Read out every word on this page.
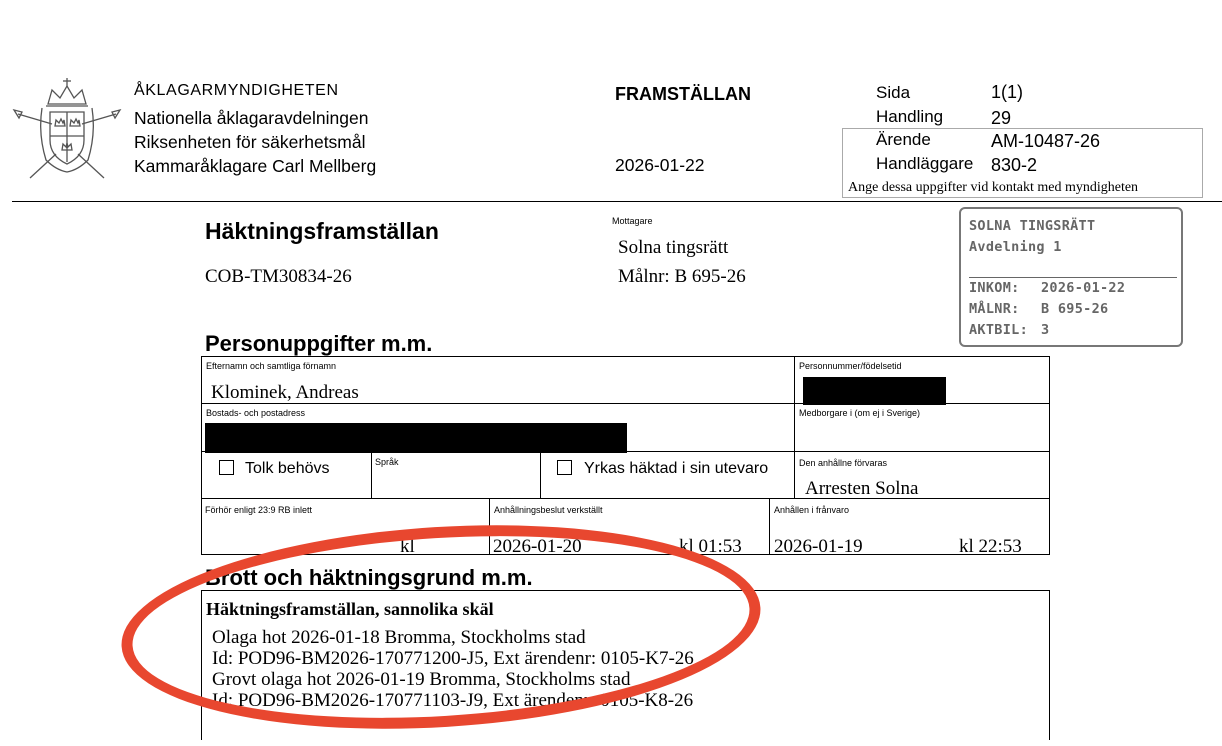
ÅKLAGARMYNDIGHETEN
Nationella åklagaravdelningen
Riksenheten för säkerhetsmål
Kammaråklagare Carl Mellberg
FRAMSTÄLLAN
2026-01-22
Sida	1(1)
Handling	29
Ärende	AM-10487-26
Handläggare 830-2
Ange dessa uppgifter vid kontakt med myndigheten
Häktningsframställan
COB-TM30834-26
Mottagare
Solna tingsrätt
Målnr: B 695-26
SOLNA TINGSRÄTT
Avdelning 1
INKOM: 2026-01-22
MÅLNR: B 695-26
AKTBIL: 3
Personuppgifter m.m.
Efternamn och samtliga förnamn
Klominek, Andreas
Personnummer/födelsetid
Bostads- och postadress	Medborgare i (om ej i Sverige)
Tolk behövs	Språk	Yrkas häktad i sin utevaro	Den anhållne förvaras
Arresten Solna
Förhör enligt 23:9 RB inlett
kl
Anhållningsbeslut verkställt
2026-01-20	kl 01:53
Anhållen i frånvaro
2026-01-19	kl 22:53
Brott och häktningsgrund m.m.
Häktningsframställan, sannolika skäl
Olaga hot 2026-01-18 Bromma, Stockholms stad
Id: POD96-BM2026-170771200-J5, Ext ärendenr: 0105-K7-26
Grovt olaga hot 2026-01-19 Bromma, Stockholms stad
Id: POD96-BM2026-170771103-J9, Ext ärendenr: 0105-K8-26
